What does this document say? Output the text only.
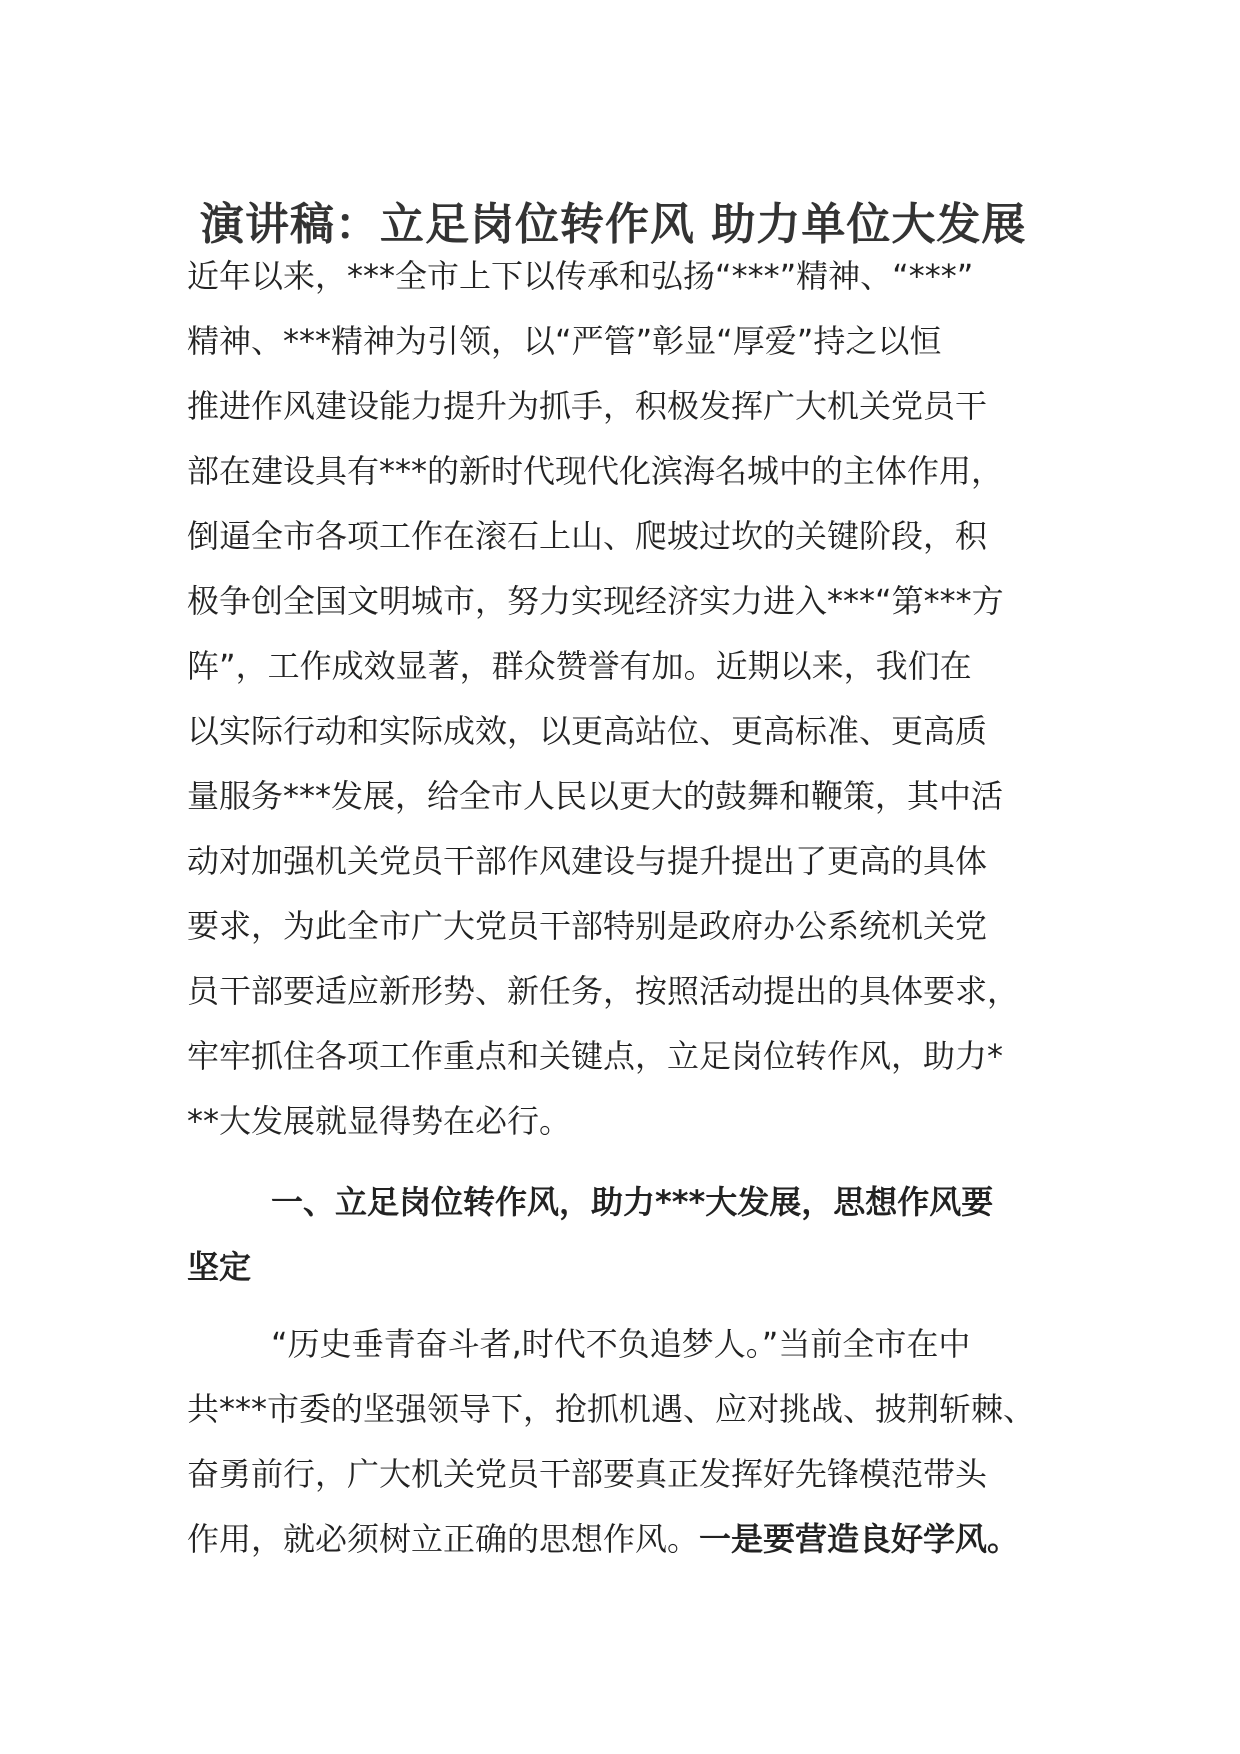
演讲稿：立足岗位转作风 助力单位大发展
近年以来，***全市上下以传承和弘扬“***”精神、“***”
精神、***精神为引领，以“严管”彰显“厚爱”持之以恒
推进作风建设能力提升为抓手，积极发挥广大机关党员干
部在建设具有***的新时代现代化滨海名城中的主体作用，
倒逼全市各项工作在滚石上山、爬坡过坎的关键阶段，积
极争创全国文明城市，努力实现经济实力进入***“第***方
阵”，工作成效显著，群众赞誉有加。近期以来，我们在
以实际行动和实际成效，以更高站位、更高标准、更高质
量服务***发展，给全市人民以更大的鼓舞和鞭策，其中活
动对加强机关党员干部作风建设与提升提出了更高的具体
要求，为此全市广大党员干部特别是政府办公系统机关党
员干部要适应新形势、新任务，按照活动提出的具体要求，
牢牢抓住各项工作重点和关键点，立足岗位转作风，助力*
**大发展就显得势在必行。
一、立足岗位转作风，助力***大发展，思想作风要
坚定
“历史垂青奋斗者,时代不负追梦人。”当前全市在中
共***市委的坚强领导下，抢抓机遇、应对挑战、披荆斩棘、
奋勇前行，广大机关党员干部要真正发挥好先锋模范带头
作用，就必须树立正确的思想作风。一是要营造良好学风。
